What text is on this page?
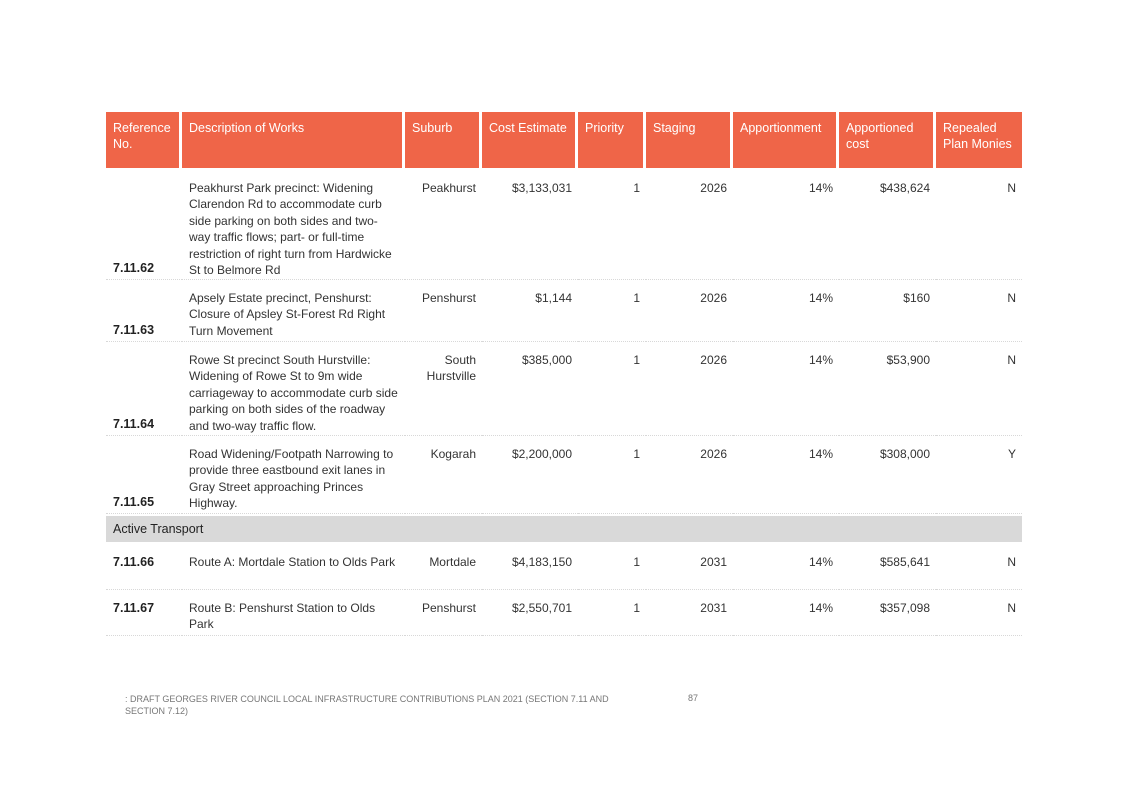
Reference No.	Description of Works	Suburb	Cost Estimate	Priority	Staging	Apportionment	Apportioned cost	Repealed Plan Monies
7.11.62	Peakhurst Park precinct: Widening Clarendon Rd to accommodate curb side parking on both sides and two-way traffic flows; part- or full-time restriction of right turn from Hardwicke St to Belmore Rd	Peakhurst	$3,133,031	1	2026	14%	$438,624	N
7.11.63	Apsely Estate precinct, Penshurst: Closure of Apsley St-Forest Rd Right Turn Movement	Penshurst	$1,144	1	2026	14%	$160	N
7.11.64	Rowe St precinct South Hurstville: Widening of Rowe St to 9m wide carriageway to accommodate curb side parking on both sides of the roadway and two-way traffic flow.	South Hurstville	$385,000	1	2026	14%	$53,900	N
7.11.65	Road Widening/Footpath Narrowing to provide three eastbound exit lanes in Gray Street approaching Princes Highway.	Kogarah	$2,200,000	1	2026	14%	$308,000	Y
Active Transport								
7.11.66	Route A: Mortdale Station to Olds Park	Mortdale	$4,183,150	1	2031	14%	$585,641	N
7.11.67	Route B: Penshurst Station to Olds Park	Penshurst	$2,550,701	1	2031	14%	$357,098	N
: DRAFT GEORGES RIVER COUNCIL LOCAL INFRASTRUCTURE CONTRIBUTIONS PLAN 2021 (SECTION 7.11 AND SECTION 7.12)
87
